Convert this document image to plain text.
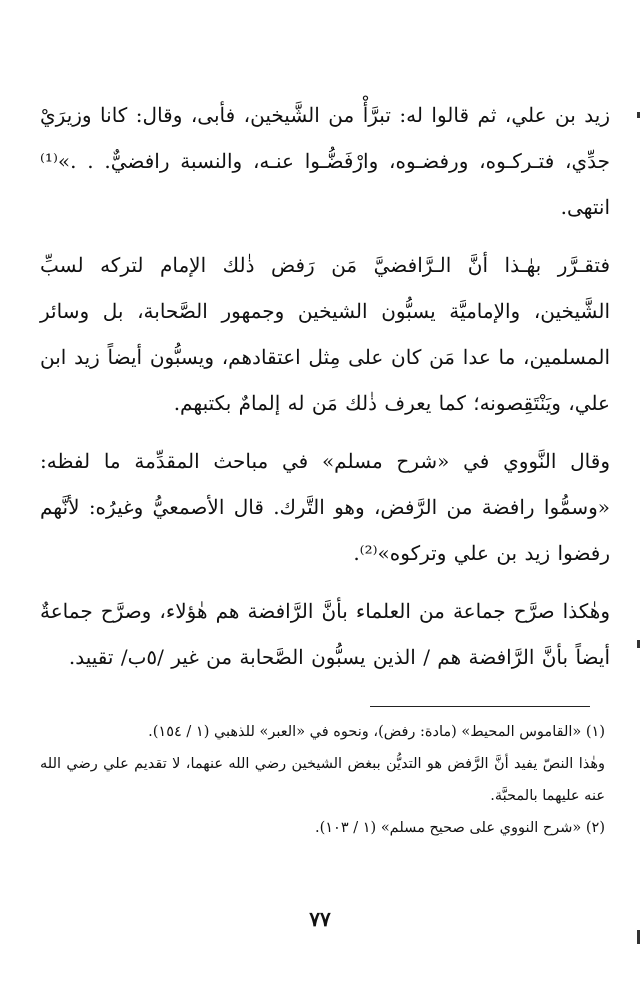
زيد بن علي، ثم قالوا له: تبرَّأْ من الشَّيخين، فأبى، وقال: كانا وزيرَيْ جدِّي، فتـركـوه، ورفضـوه، وارْفَضُّـوا عنـه، والنسبة رافضيٌّ. . .»⁽¹⁾ انتهى.

فتقـرَّر بهٰـذا أنَّ الـرَّافضيَّ مَن رَفض ذٰلك الإمام لتركه لسبِّ الشَّيخين، والإماميَّة يسبُّون الشيخين وجمهور الصَّحابة، بل وسائر المسلمين، ما عدا مَن كان على مِثل اعتقادهم، ويسبُّون أيضاً زيد ابن علي، ويَنْتَقِصونه؛ كما يعرف ذٰلك مَن له إلمامٌ بكتبهم.

وقال النَّووي في «شرح مسلم» في مباحث المقدِّمة ما لفظه: «وسمُّوا رافضة من الرَّفض، وهو التَّرك. قال الأصمعيُّ وغيرُه: لأنَّهم رفضوا زيد بن علي وتركوه»⁽²⁾.

وهٰكذا صرَّح جماعة من العلماء بأنَّ الرَّافضة هم هٰؤلاء، وصرَّح جماعةٌ أيضاً بأنَّ الرَّافضة هم / الذين يسبُّون الصَّحابة من غير /٥ب/ تقييد.

(١) «القاموس المحيط» (مادة: رفض)، ونحوه في «العبر» للذهبي (١ / ١٥٤).

وهٰذا النصّ يفيد أنَّ الرَّفض هو التديُّن ببغض الشيخين رضي الله عنهما، لا تقديم علي رضي الله عنه عليهما بالمحبَّة.

(٢) «شرح النووي على صحيح مسلم» (١ / ١٠٣).

٧٧
